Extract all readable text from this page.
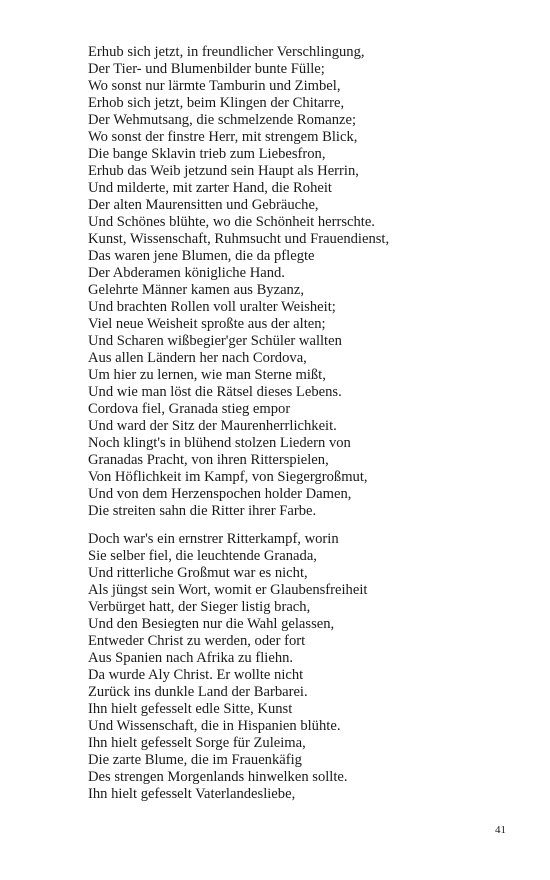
Erhub sich jetzt, in freundlicher Verschlingung,
Der Tier- und Blumenbilder bunte Fülle;
Wo sonst nur lärmte Tamburin und Zimbel,
Erhob sich jetzt, beim Klingen der Chitarre,
Der Wehmutsang, die schmelzende Romanze;
Wo sonst der finstre Herr, mit strengem Blick,
Die bange Sklavin trieb zum Liebesfron,
Erhub das Weib jetzund sein Haupt als Herrin,
Und milderte, mit zarter Hand, die Roheit
Der alten Maurensitten und Gebräuche,
Und Schönes blühte, wo die Schönheit herrschte.
Kunst, Wissenschaft, Ruhmsucht und Frauendienst,
Das waren jene Blumen, die da pflegte
Der Abderamen königliche Hand.
Gelehrte Männer kamen aus Byzanz,
Und brachten Rollen voll uralter Weisheit;
Viel neue Weisheit sproßte aus der alten;
Und Scharen wißbegier'ger Schüler wallten
Aus allen Ländern her nach Cordova,
Um hier zu lernen, wie man Sterne mißt,
Und wie man löst die Rätsel dieses Lebens.
Cordova fiel, Granada stieg empor
Und ward der Sitz der Maurenherrlichkeit.
Noch klingt's in blühend stolzen Liedern von
Granadas Pracht, von ihren Ritterspielen,
Von Höflichkeit im Kampf, von Siegergroßmut,
Und von dem Herzenspochen holder Damen,
Die streiten sahn die Ritter ihrer Farbe.
Doch war's ein ernstrer Ritterkampf, worin
Sie selber fiel, die leuchtende Granada,
Und ritterliche Großmut war es nicht,
Als jüngst sein Wort, womit er Glaubensfreiheit
Verbürget hatt, der Sieger listig brach,
Und den Besiegten nur die Wahl gelassen,
Entweder Christ zu werden, oder fort
Aus Spanien nach Afrika zu fliehn.
Da wurde Aly Christ. Er wollte nicht
Zurück ins dunkle Land der Barbarei.
Ihn hielt gefesselt edle Sitte, Kunst
Und Wissenschaft, die in Hispanien blühte.
Ihn hielt gefesselt Sorge für Zuleima,
Die zarte Blume, die im Frauenkäfig
Des strengen Morgenlands hinwelken sollte.
Ihn hielt gefesselt Vaterlandesliebe,
41
